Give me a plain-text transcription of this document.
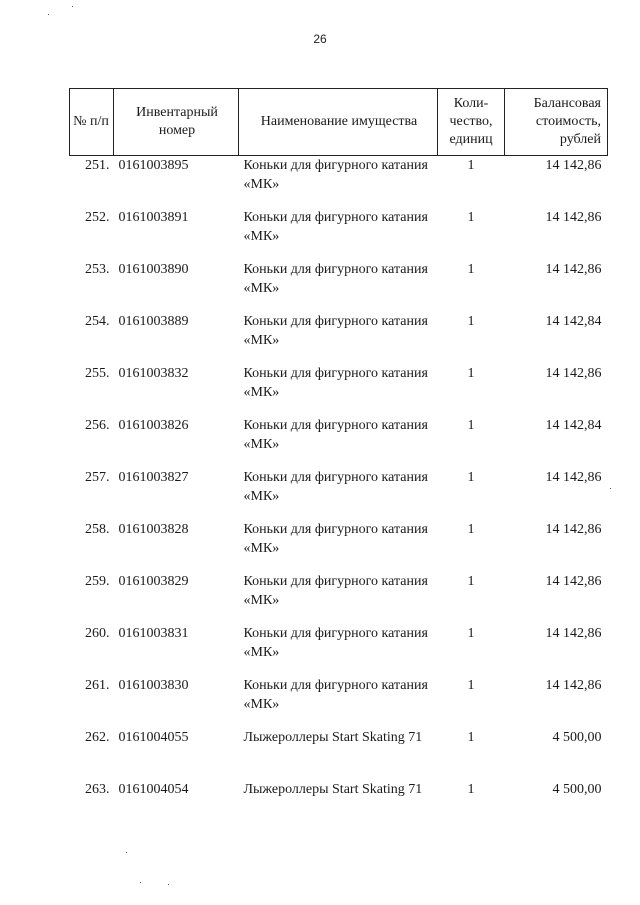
26
№ п/п	Инвентарный номер	Наименование имущества	Коли-чество, единиц	Балансовая стоимость, рублей
251.	0161003895	Коньки для фигурного катания «МК»	1	14 142,86
252.	0161003891	Коньки для фигурного катания «МК»	1	14 142,86
253.	0161003890	Коньки для фигурного катания «МК»	1	14 142,86
254.	0161003889	Коньки для фигурного катания «МК»	1	14 142,84
255.	0161003832	Коньки для фигурного катания «МК»	1	14 142,86
256.	0161003826	Коньки для фигурного катания «МК»	1	14 142,84
257.	0161003827	Коньки для фигурного катания «МК»	1	14 142,86
258.	0161003828	Коньки для фигурного катания «МК»	1	14 142,86
259.	0161003829	Коньки для фигурного катания «МК»	1	14 142,86
260.	0161003831	Коньки для фигурного катания «МК»	1	14 142,86
261.	0161003830	Коньки для фигурного катания «МК»	1	14 142,86
262.	0161004055	Лыжероллеры Start Skating 71	1	4 500,00
263.	0161004054	Лыжероллеры Start Skating 71	1	4 500,00
